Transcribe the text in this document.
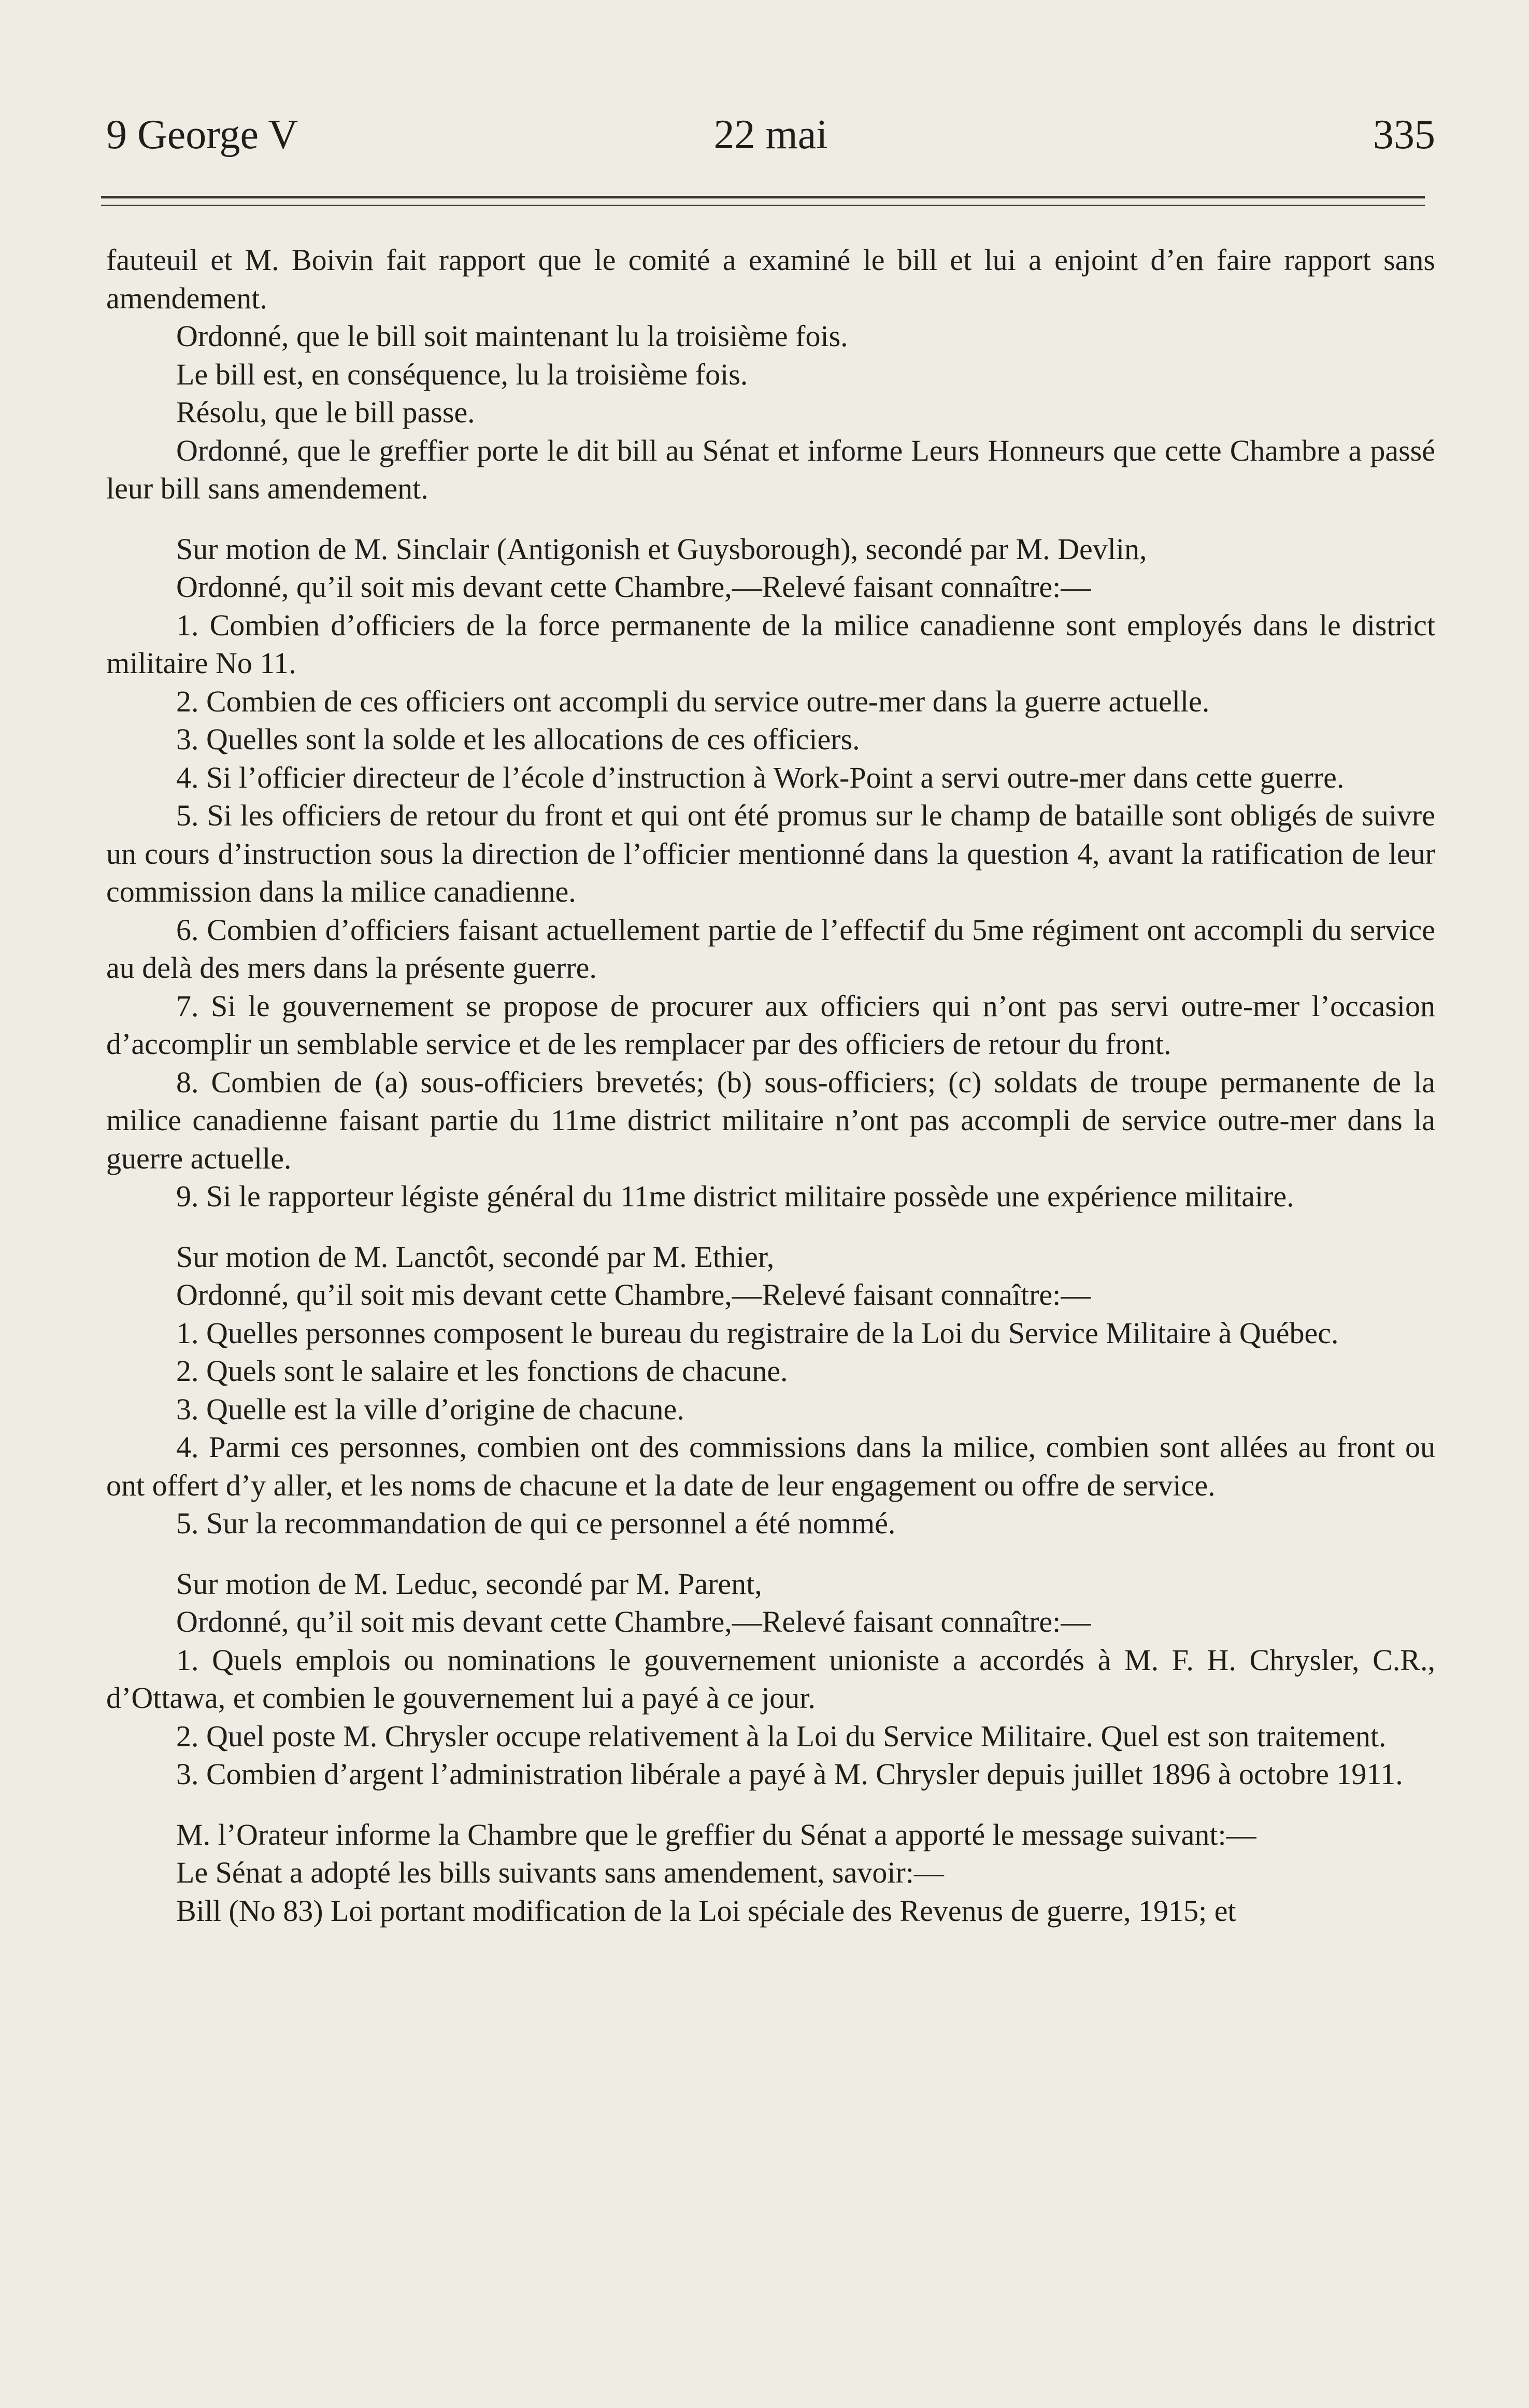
9 George V	22 mai	335

fauteuil et M. Boivin fait rapport que le comité a examiné le bill et lui a enjoint d’en faire rapport sans amendement.

Ordonné, que le bill soit maintenant lu la troisième fois.

Le bill est, en conséquence, lu la troisième fois.

Résolu, que le bill passe.

Ordonné, que le greffier porte le dit bill au Sénat et informe Leurs Honneurs que cette Chambre a passé leur bill sans amendement.

Sur motion de M. Sinclair (Antigonish et Guysborough), secondé par M. Devlin,

Ordonné, qu’il soit mis devant cette Chambre,—Relevé faisant connaître:—

1. Combien d’officiers de la force permanente de la milice canadienne sont employés dans le district militaire No 11.

2. Combien de ces officiers ont accompli du service outre-mer dans la guerre actuelle.

3. Quelles sont la solde et les allocations de ces officiers.

4. Si l’officier directeur de l’école d’instruction à Work-Point a servi outre-mer dans cette guerre.

5. Si les officiers de retour du front et qui ont été promus sur le champ de bataille sont obligés de suivre un cours d’instruction sous la direction de l’officier mentionné dans la question 4, avant la ratification de leur commission dans la milice canadienne.

6. Combien d’officiers faisant actuellement partie de l’effectif du 5me régiment ont accompli du service au delà des mers dans la présente guerre.

7. Si le gouvernement se propose de procurer aux officiers qui n’ont pas servi outre-mer l’occasion d’accomplir un semblable service et de les remplacer par des officiers de retour du front.

8. Combien de (a) sous-officiers brevetés; (b) sous-officiers; (c) soldats de troupe permanente de la milice canadienne faisant partie du 11me district militaire n’ont pas accompli de service outre-mer dans la guerre actuelle.

9. Si le rapporteur légiste général du 11me district militaire possède une expérience militaire.

Sur motion de M. Lanctôt, secondé par M. Ethier,

Ordonné, qu’il soit mis devant cette Chambre,—Relevé faisant connaître:—

1. Quelles personnes composent le bureau du registraire de la Loi du Service Militaire à Québec.

2. Quels sont le salaire et les fonctions de chacune.

3. Quelle est la ville d’origine de chacune.

4. Parmi ces personnes, combien ont des commissions dans la milice, combien sont allées au front ou ont offert d’y aller, et les noms de chacune et la date de leur engagement ou offre de service.

5. Sur la recommandation de qui ce personnel a été nommé.

Sur motion de M. Leduc, secondé par M. Parent,

Ordonné, qu’il soit mis devant cette Chambre,—Relevé faisant connaître:—

1. Quels emplois ou nominations le gouvernement unioniste a accordés à M. F. H. Chrysler, C.R., d’Ottawa, et combien le gouvernement lui a payé à ce jour.

2. Quel poste M. Chrysler occupe relativement à la Loi du Service Militaire. Quel est son traitement.

3. Combien d’argent l’administration libérale a payé à M. Chrysler depuis juillet 1896 à octobre 1911.

M. l’Orateur informe la Chambre que le greffier du Sénat a apporté le message suivant:—

Le Sénat a adopté les bills suivants sans amendement, savoir:—

Bill (No 83) Loi portant modification de la Loi spéciale des Revenus de guerre, 1915; et
